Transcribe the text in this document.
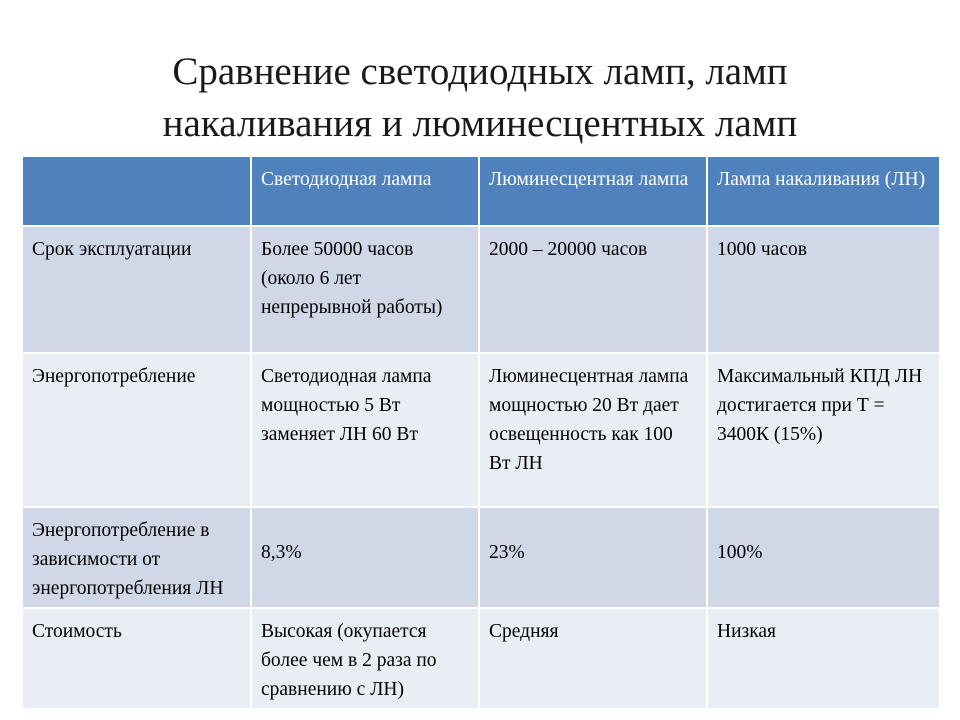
Сравнение светодиодных ламп, ламп
накаливания и люминесцентных ламп
	Светодиодная лампа	Люминесцентная лампа	Лампа накаливания (ЛН)
Срок эксплуатации	Более 50000 часов (около 6 лет непрерывной работы)	2000 – 20000 часов	1000 часов
Энергопотребление	Светодиодная лампа мощностью 5 Вт заменяет ЛН 60 Вт	Люминесцентная лампа мощностью 20 Вт дает освещенность как 100 Вт ЛН	Максимальный КПД ЛН достигается при Т = 3400К (15%)
Энергопотребление в зависимости от энергопотребления ЛН	8,3%	23%	100%
Стоимость	Высокая (окупается более чем в 2 раза по сравнению с ЛН)	Средняя	Низкая
